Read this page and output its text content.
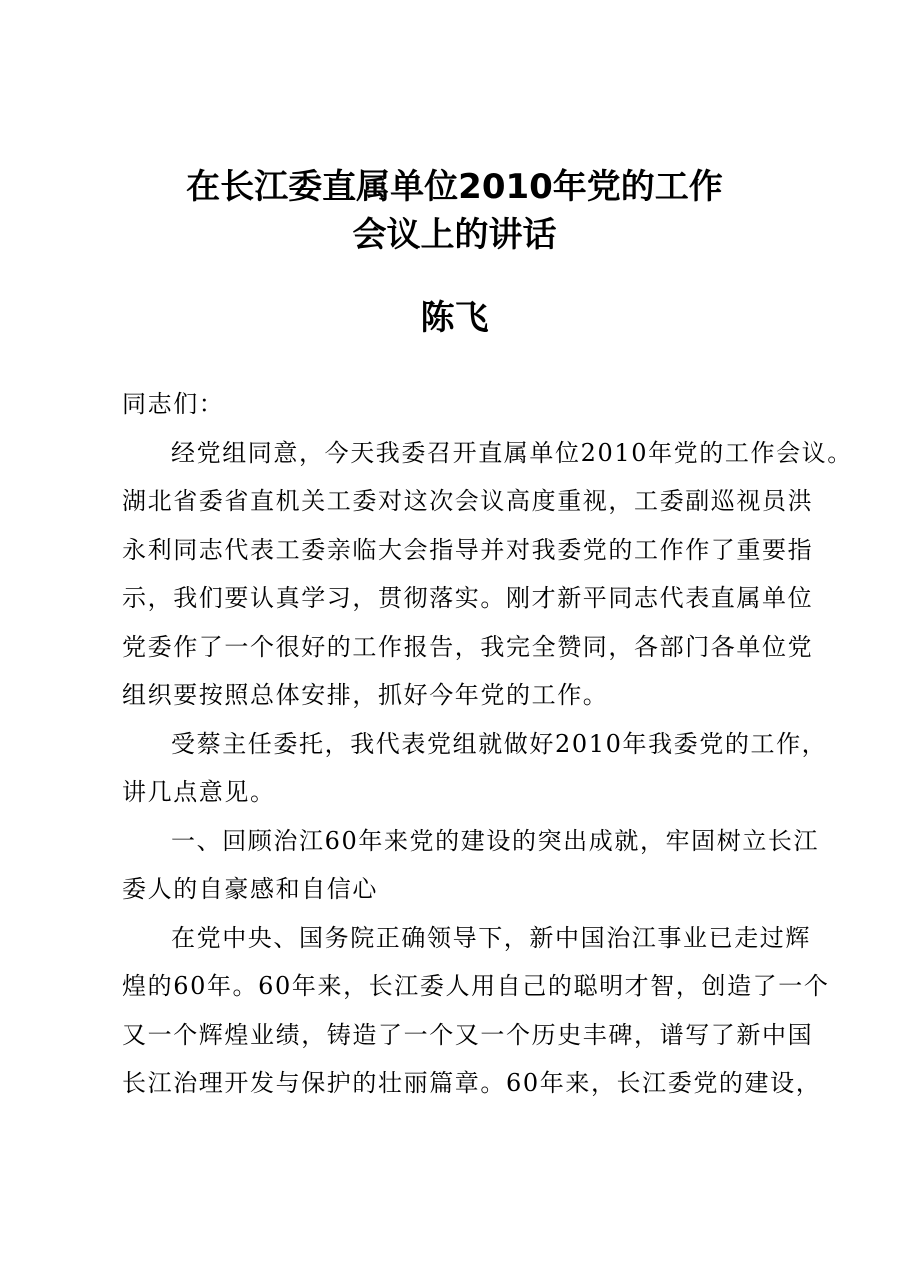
在长江委直属单位2010年党的工作
会议上的讲话
陈飞
同志们：
经党组同意，今天我委召开直属单位2010年党的工作会议。
湖北省委省直机关工委对这次会议高度重视，工委副巡视员洪
永利同志代表工委亲临大会指导并对我委党的工作作了重要指
示，我们要认真学习，贯彻落实。刚才新平同志代表直属单位
党委作了一个很好的工作报告，我完全赞同，各部门各单位党
组织要按照总体安排，抓好今年党的工作。
受蔡主任委托，我代表党组就做好2010年我委党的工作，
讲几点意见。
一、回顾治江60年来党的建设的突出成就，牢固树立长江
委人的自豪感和自信心
在党中央、国务院正确领导下，新中国治江事业已走过辉
煌的60年。60年来，长江委人用自己的聪明才智，创造了一个
又一个辉煌业绩，铸造了一个又一个历史丰碑，谱写了新中国
长江治理开发与保护的壮丽篇章。60年来，长江委党的建设，
